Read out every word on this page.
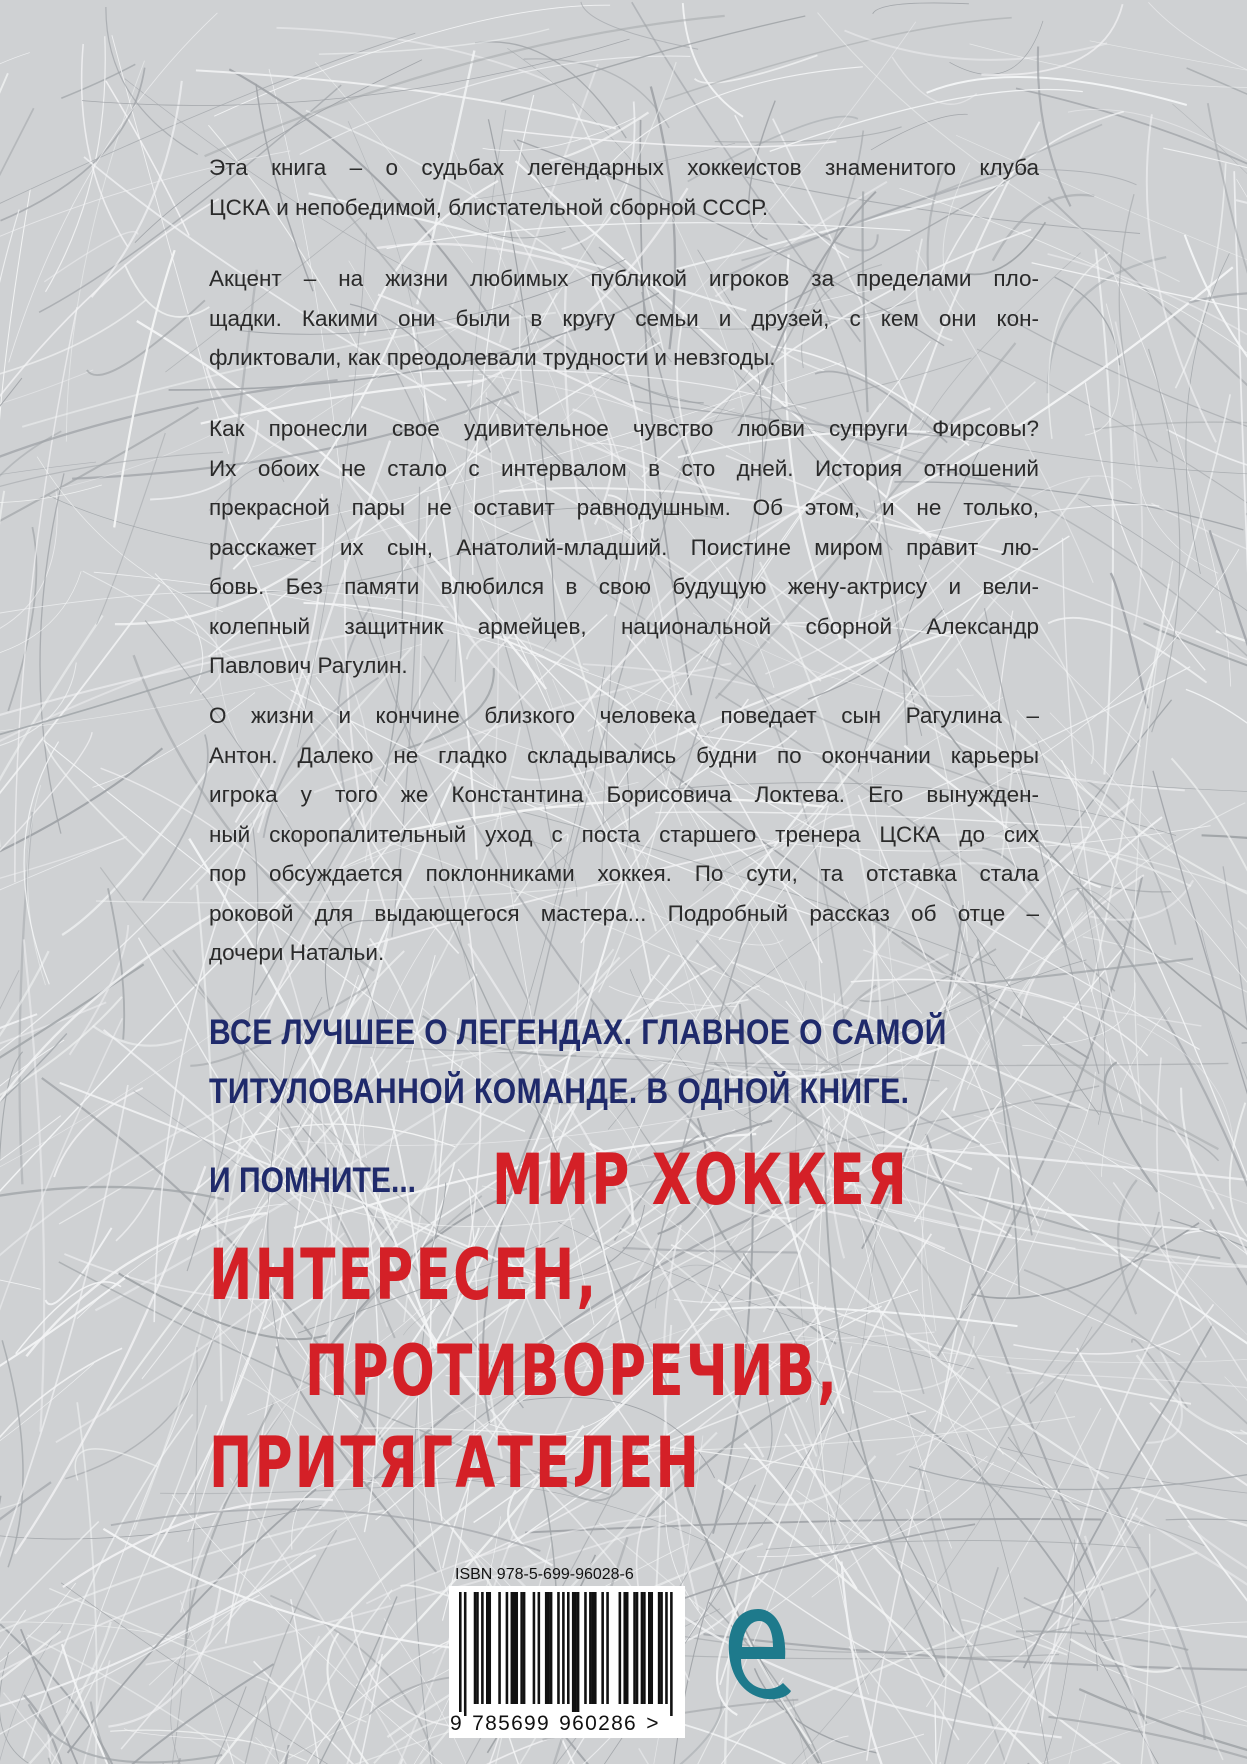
Эта книга – о судьбах легендарных хоккеистов знаменитого клуба
ЦСКА и непобедимой, блистательной сборной СССР.
Акцент – на жизни любимых публикой игроков за пределами пло-
щадки. Какими они были в кругу семьи и друзей, с кем они кон-
фликтовали, как преодолевали трудности и невзгоды.
Как пронесли свое удивительное чувство любви супруги Фирсовы?
Их обоих не стало с интервалом в сто дней. История отношений
прекрасной пары не оставит равнодушным. Об этом, и не только,
расскажет их сын, Анатолий-младший. Поистине миром правит лю-
бовь. Без памяти влюбился в свою будущую жену-актрису и вели-
колепный защитник армейцев, национальной сборной Александр
Павлович Рагулин.
О жизни и кончине близкого человека поведает сын Рагулина –
Антон. Далеко не гладко складывались будни по окончании карьеры
игрока у того же Константина Борисовича Локтева. Его вынужден-
ный скоропалительный уход с поста старшего тренера ЦСКА до сих
пор обсуждается поклонниками хоккея. По сути, та отставка стала
роковой для выдающегося мастера... Подробный рассказ об отце –
дочери Натальи.
ВСЕ ЛУЧШЕЕ О ЛЕГЕНДАХ. ГЛАВНОЕ О САМОЙ
ТИТУЛОВАННОЙ КОМАНДЕ. В ОДНОЙ КНИГЕ.
И ПОМНИТЕ... МИР ХОККЕЯ
ИНТЕРЕСЕН,
ПРОТИВОРЕЧИВ,
ПРИТЯГАТЕЛЕН
ISBN 978-5-699-96028-6
9 785699 960286 >
